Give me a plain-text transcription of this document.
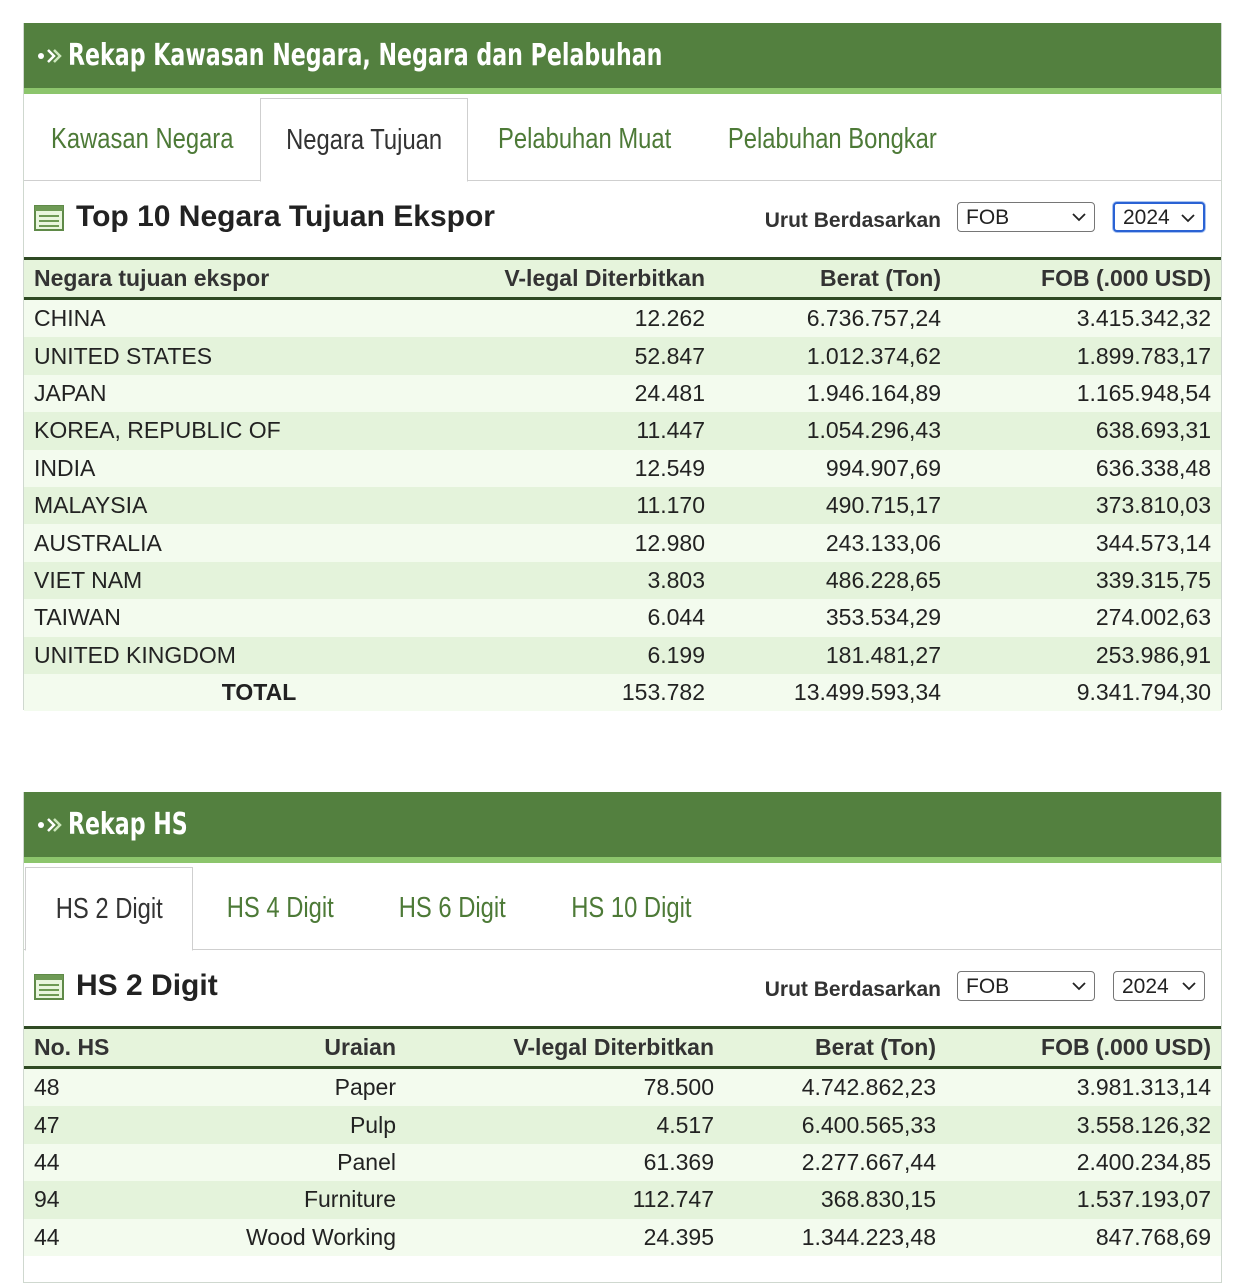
Rekap Kawasan Negara, Negara dan Pelabuhan
Kawasan Negara Negara Tujuan Pelabuhan Muat Pelabuhan Bongkar
Top 10 Negara Tujuan Ekspor	Urut Berdasarkan	FOB	2024
Negara tujuan ekspor	V-legal Diterbitkan	Berat (Ton)	FOB (.000 USD)
CHINA	12.262	6.736.757,24	3.415.342,32
UNITED STATES	52.847	1.012.374,62	1.899.783,17
JAPAN	24.481	1.946.164,89	1.165.948,54
KOREA, REPUBLIC OF	11.447	1.054.296,43	638.693,31
INDIA	12.549	994.907,69	636.338,48
MALAYSIA	11.170	490.715,17	373.810,03
AUSTRALIA	12.980	243.133,06	344.573,14
VIET NAM	3.803	486.228,65	339.315,75
TAIWAN	6.044	353.534,29	274.002,63
UNITED KINGDOM	6.199	181.481,27	253.986,91
TOTAL	153.782	13.499.593,34	9.341.794,30
Rekap HS
HS 2 Digit HS 4 Digit HS 6 Digit HS 10 Digit
HS 2 Digit	Urut Berdasarkan	FOB	2024
No. HS	Uraian	V-legal Diterbitkan	Berat (Ton)	FOB (.000 USD)
48	Paper	78.500	4.742.862,23	3.981.313,14
47	Pulp	4.517	6.400.565,33	3.558.126,32
44	Panel	61.369	2.277.667,44	2.400.234,85
94	Furniture	112.747	368.830,15	1.537.193,07
44	Wood Working	24.395	1.344.223,48	847.768,69
